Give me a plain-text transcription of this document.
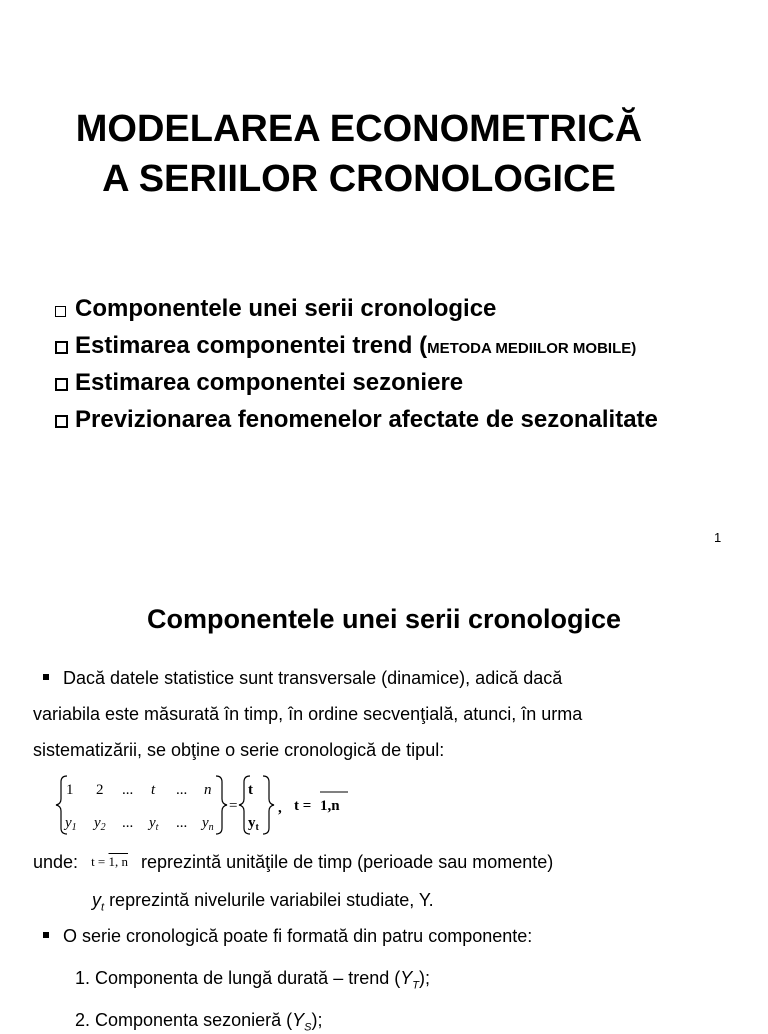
MODELAREA ECONOMETRICĂ

A SERIILOR CRONOLOGICE
Componentele unei serii cronologice
Estimarea componentei trend (METODA MEDIILOR MOBILE)
Estimarea componentei sezoniere
Previzionarea fenomenelor afectate de sezonalitate
1
Componentele unei serii cronologice
Dacă datele statistice sunt transversale (dinamice), adică dacă
variabila este măsurată în timp, în ordine secvenţială, atunci, în urma
sistematizării, se obţine o serie cronologică de tipul:
1 2 ... t ... n
$y_1$ $y_2$ ... $y_t$ ... $y_n$
=
t
$y_t$
, t = 1,n
unde: t = 1, n reprezintă unităţile de timp (perioade sau momente)
$y_t$ reprezintă nivelurile variabilei studiate, Y.
O serie cronologică poate fi formată din patru componente:
1. Componenta de lungă durată – trend $(Y_T)$;
2. Componenta sezonieră $(Y_S)$;
